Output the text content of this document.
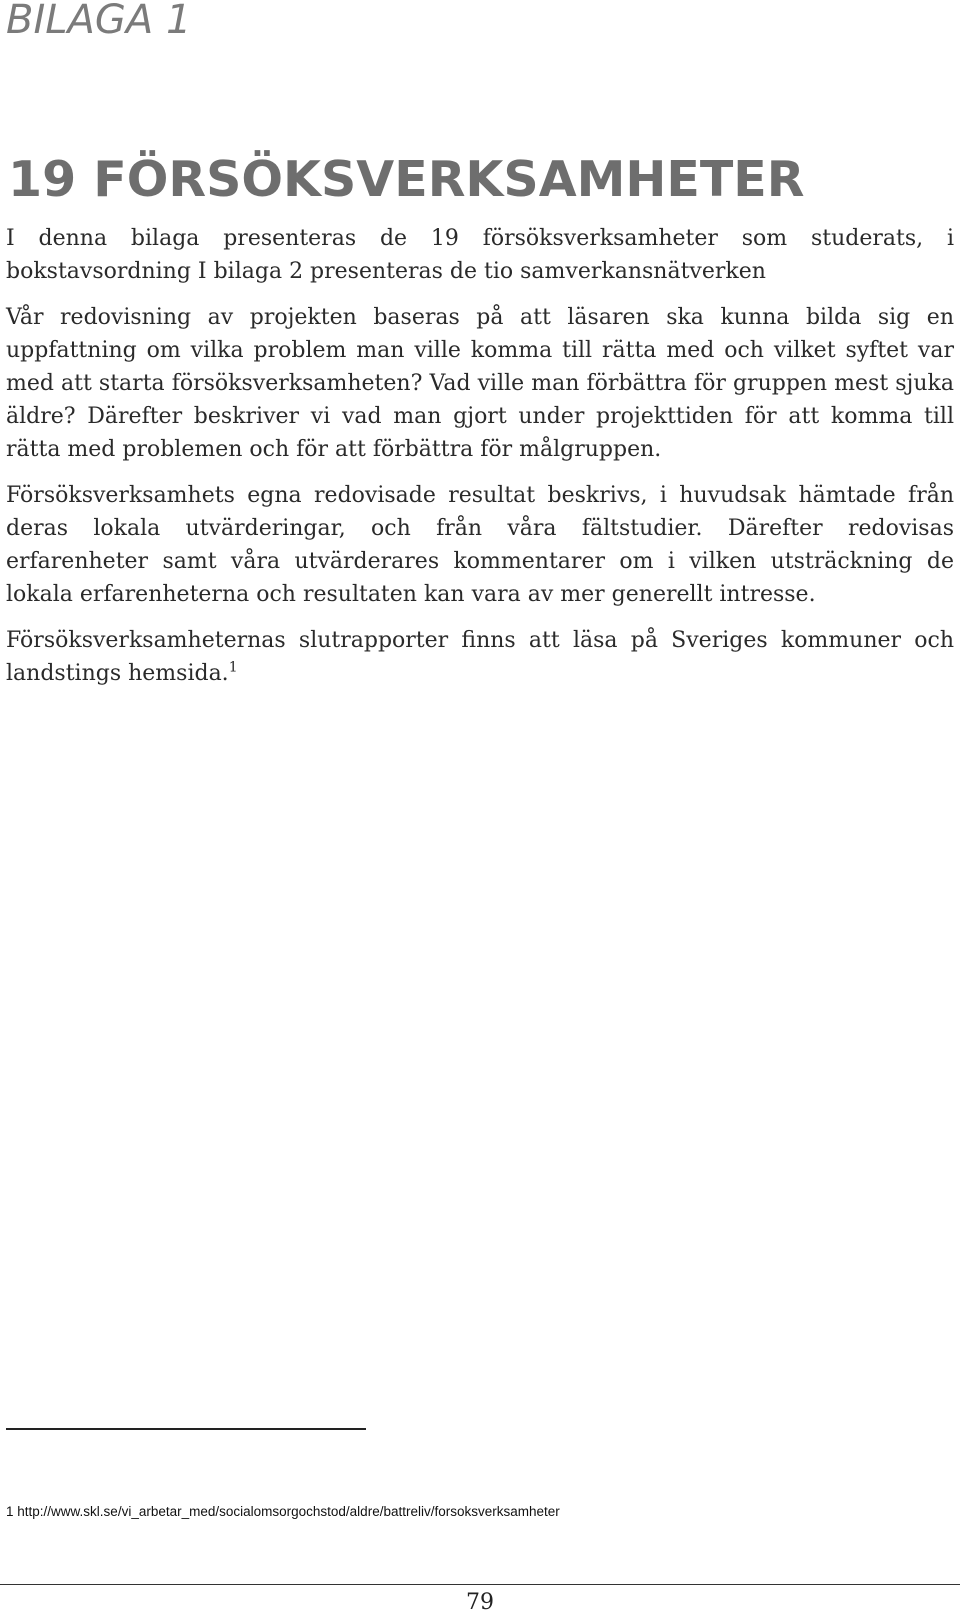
BILAGA 1
19 FÖRSÖKSVERKSAMHETER

I denna bilaga presenteras de 19 försöksverksamheter som studerats, i bokstavsordning I bilaga 2 presenteras de tio samverkansnätverken

Vår redovisning av projekten baseras på att läsaren ska kunna bilda sig en uppfattning om vilka problem man ville komma till rätta med och vilket syftet var med att starta försöksverksamheten? Vad ville man förbättra för gruppen mest sjuka äldre? Därefter beskriver vi vad man gjort under projekttiden för att komma till rätta med problemen och för att förbättra för målgruppen.

Försöksverksamhets egna redovisade resultat beskrivs, i huvudsak hämtade från deras lokala utvärderingar, och från våra fältstudier. Därefter redovisas erfarenheter samt våra utvärderares kommentarer om i vilken utsträckning de lokala erfarenheterna och resultaten kan vara av mer generellt intresse.

Försöksverksamheternas slutrapporter finns att läsa på Sveriges kommuner och landstings hemsida.$^1$

1 http://www.skl.se/vi_arbetar_med/socialomsorgochstod/aldre/battreliv/forsoksverksamheter
79
